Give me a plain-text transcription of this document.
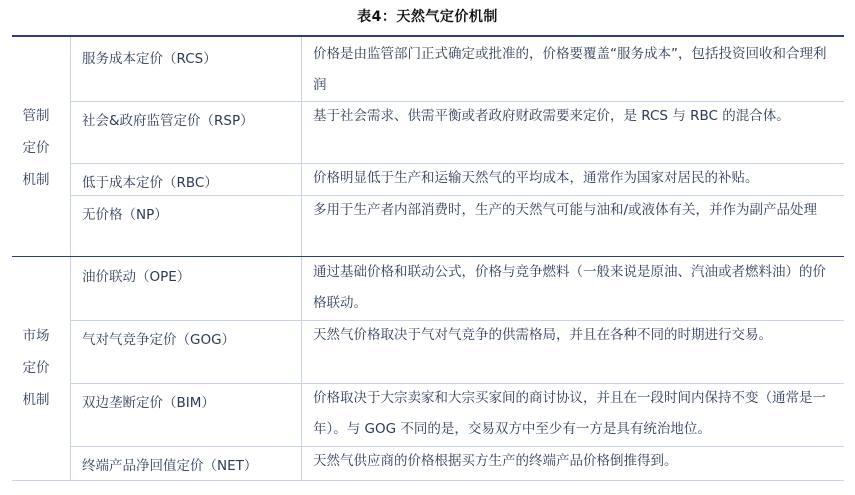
表4：天然气定价机制
管制
定价
机制
服务成本定价（RCS）	价格是由监管部门正式确定或批准的，价格要覆盖“服务成本”，包括投资回收和合理利润
社会&政府监管定价（RSP）	基于社会需求、供需平衡或者政府财政需要来定价，是 RCS 与 RBC 的混合体。
低于成本定价（RBC）	价格明显低于生产和运输天然气的平均成本，通常作为国家对居民的补贴。
无价格（NP）	多用于生产者内部消费时，生产的天然气可能与油和/或液体有关，并作为副产品处理
市场
定价
机制
油价联动（OPE）	通过基础价格和联动公式，价格与竞争燃料（一般来说是原油、汽油或者燃料油）的价格联动。
气对气竞争定价（GOG）	天然气价格取决于气对气竞争的供需格局，并且在各种不同的时期进行交易。
双边垄断定价（BIM）	价格取决于大宗卖家和大宗买家间的商讨协议，并且在一段时间内保持不变（通常是一年）。与 GOG 不同的是，交易双方中至少有一方是具有统治地位。
终端产品净回值定价（NET）	天然气供应商的价格根据买方生产的终端产品价格倒推得到。
